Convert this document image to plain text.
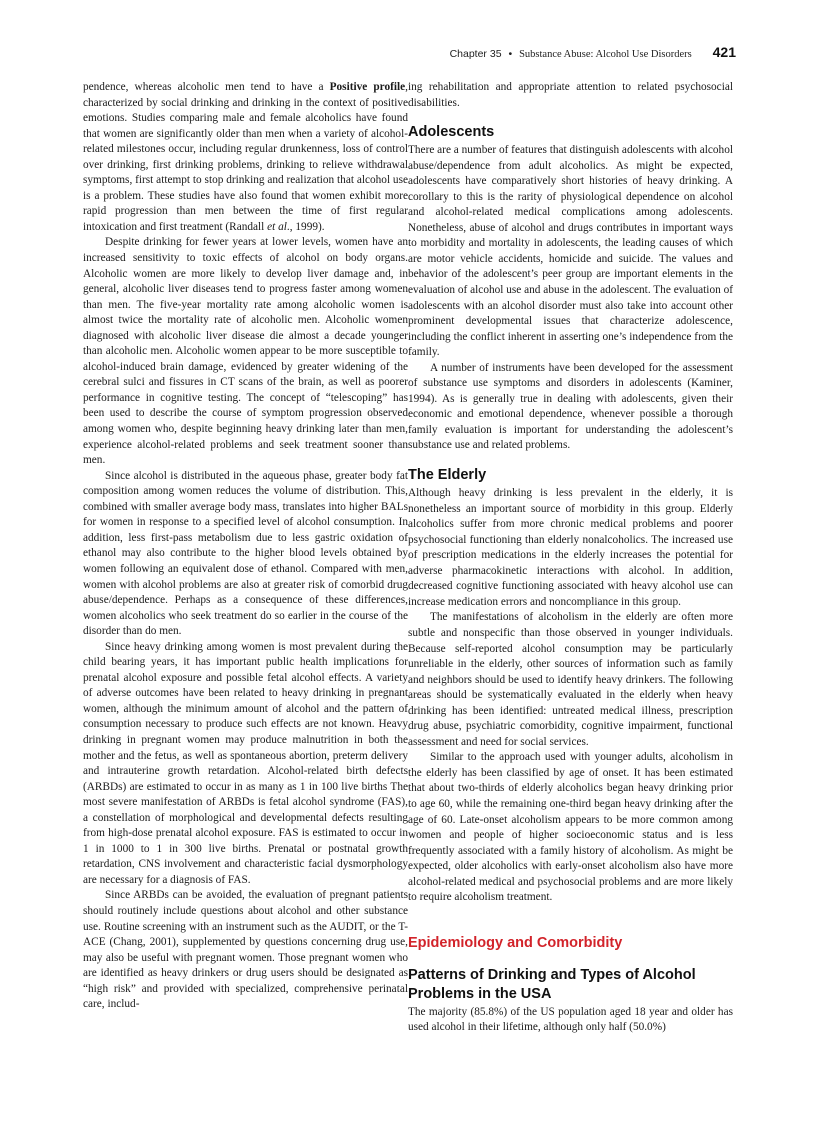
Chapter 35 • Substance Abuse: Alcohol Use Disorders 421

pendence, whereas alcoholic men tend to have a Positive profile, characterized by social drinking and drinking in the context of positive emotions. Studies comparing male and female alcoholics have found that women are significantly older than men when a variety of alcohol-related milestones occur, including regular drunkenness, loss of control over drinking, first drinking problems, drinking to relieve withdrawal symptoms, first attempt to stop drinking and realization that alcohol use is a problem. These studies have also found that women exhibit more rapid progression than men between the time of first regular intoxication and first treatment (Randall et al., 1999).

Despite drinking for fewer years at lower levels, women have an increased sensitivity to toxic effects of alcohol on body organs. Alcoholic women are more likely to develop liver damage and, in general, alcoholic liver diseases tend to progress faster among women than men. The five-year mortality rate among alcoholic women is almost twice the mortality rate of alcoholic men. Alcoholic women diagnosed with alcoholic liver disease die almost a decade younger than alcoholic men. Alcoholic women appear to be more susceptible to alcohol-induced brain damage, evidenced by greater widening of the cerebral sulci and fissures in CT scans of the brain, as well as poorer performance in cognitive testing. The concept of “telescoping” has been used to describe the course of symptom progression observed among women who, despite beginning heavy drinking later than men, experience alcohol-related problems and seek treatment sooner than men.

Since alcohol is distributed in the aqueous phase, greater body fat composition among women reduces the volume of distribution. This, combined with smaller average body mass, translates into higher BALs for women in response to a specified level of alcohol consumption. In addition, less first-pass metabolism due to less gastric oxidation of ethanol may also contribute to the higher blood levels obtained by women following an equivalent dose of ethanol. Compared with men, women with alcohol problems are also at greater risk of comorbid drug abuse/dependence. Perhaps as a consequence of these differences, women alcoholics who seek treatment do so earlier in the course of the disorder than do men.

Since heavy drinking among women is most prevalent during the child bearing years, it has important public health implications for prenatal alcohol exposure and possible fetal alcohol effects. A variety of adverse outcomes have been related to heavy drinking in pregnant women, although the minimum amount of alcohol and the pattern of consumption necessary to produce such effects are not known. Heavy drinking in pregnant women may produce malnutrition in both the mother and the fetus, as well as spontaneous abortion, preterm delivery and intrauterine growth retardation. Alcohol-related birth defects (ARBDs) are estimated to occur in as many as 1 in 100 live births The most severe manifestation of ARBDs is fetal alcohol syndrome (FAS), a constellation of morphological and developmental defects resulting from high-dose prenatal alcohol exposure. FAS is estimated to occur in 1 in 1000 to 1 in 300 live births. Prenatal or postnatal growth retardation, CNS involvement and characteristic facial dysmorphology are necessary for a diagnosis of FAS.

Since ARBDs can be avoided, the evaluation of pregnant patients should routinely include questions about alcohol and other substance use. Routine screening with an instrument such as the AUDIT, or the T-ACE (Chang, 2001), supplemented by questions concerning drug use, may also be useful with pregnant women. Those pregnant women who are identified as heavy drinkers or drug users should be designated as “high risk” and provided with specialized, comprehensive perinatal care, includ-

ing rehabilitation and appropriate attention to related psychosocial disabilities.

Adolescents

There are a number of features that distinguish adolescents with alcohol abuse/dependence from adult alcoholics. As might be expected, adolescents have comparatively short histories of heavy drinking. A corollary to this is the rarity of physiological dependence on alcohol and alcohol-related medical complications among adolescents. Nonetheless, abuse of alcohol and drugs contributes in important ways to morbidity and mortality in adolescents, the leading causes of which are motor vehicle accidents, homicide and suicide. The values and behavior of the adolescent’s peer group are important elements in the evaluation of alcohol use and abuse in the adolescent. The evaluation of adolescents with an alcohol disorder must also take into account other prominent developmental issues that characterize adolescence, including the conflict inherent in asserting one’s independence from the family.

A number of instruments have been developed for the assessment of substance use symptoms and disorders in adolescents (Kaminer, 1994). As is generally true in dealing with adolescents, given their economic and emotional dependence, whenever possible a thorough family evaluation is important for understanding the adolescent’s substance use and related problems.

The Elderly

Although heavy drinking is less prevalent in the elderly, it is nonetheless an important source of morbidity in this group. Elderly alcoholics suffer from more chronic medical problems and poorer psychosocial functioning than elderly nonalcoholics. The increased use of prescription medications in the elderly increases the potential for adverse pharmacokinetic interactions with alcohol. In addition, decreased cognitive functioning associated with heavy alcohol use can increase medication errors and noncompliance in this group.

The manifestations of alcoholism in the elderly are often more subtle and nonspecific than those observed in younger individuals. Because self-reported alcohol consumption may be particularly unreliable in the elderly, other sources of information such as family and neighbors should be used to identify heavy drinkers. The following areas should be systematically evaluated in the elderly when heavy drinking has been identified: untreated medical illness, prescription drug abuse, psychiatric comorbidity, cognitive impairment, functional assessment and need for social services.

Similar to the approach used with younger adults, alcoholism in the elderly has been classified by age of onset. It has been estimated that about two-thirds of elderly alcoholics began heavy drinking prior to age 60, while the remaining one-third began heavy drinking after the age of 60. Late-onset alcoholism appears to be more common among women and people of higher socioeconomic status and is less frequently associated with a family history of alcoholism. As might be expected, older alcoholics with early-onset alcoholism also have more alcohol-related medical and psychosocial problems and are more likely to require alcoholism treatment.

Epidemiology and Comorbidity
Patterns of Drinking and Types of Alcohol Problems in the USA

The majority (85.8%) of the US population aged 18 year and older has used alcohol in their lifetime, although only half (50.0%)
